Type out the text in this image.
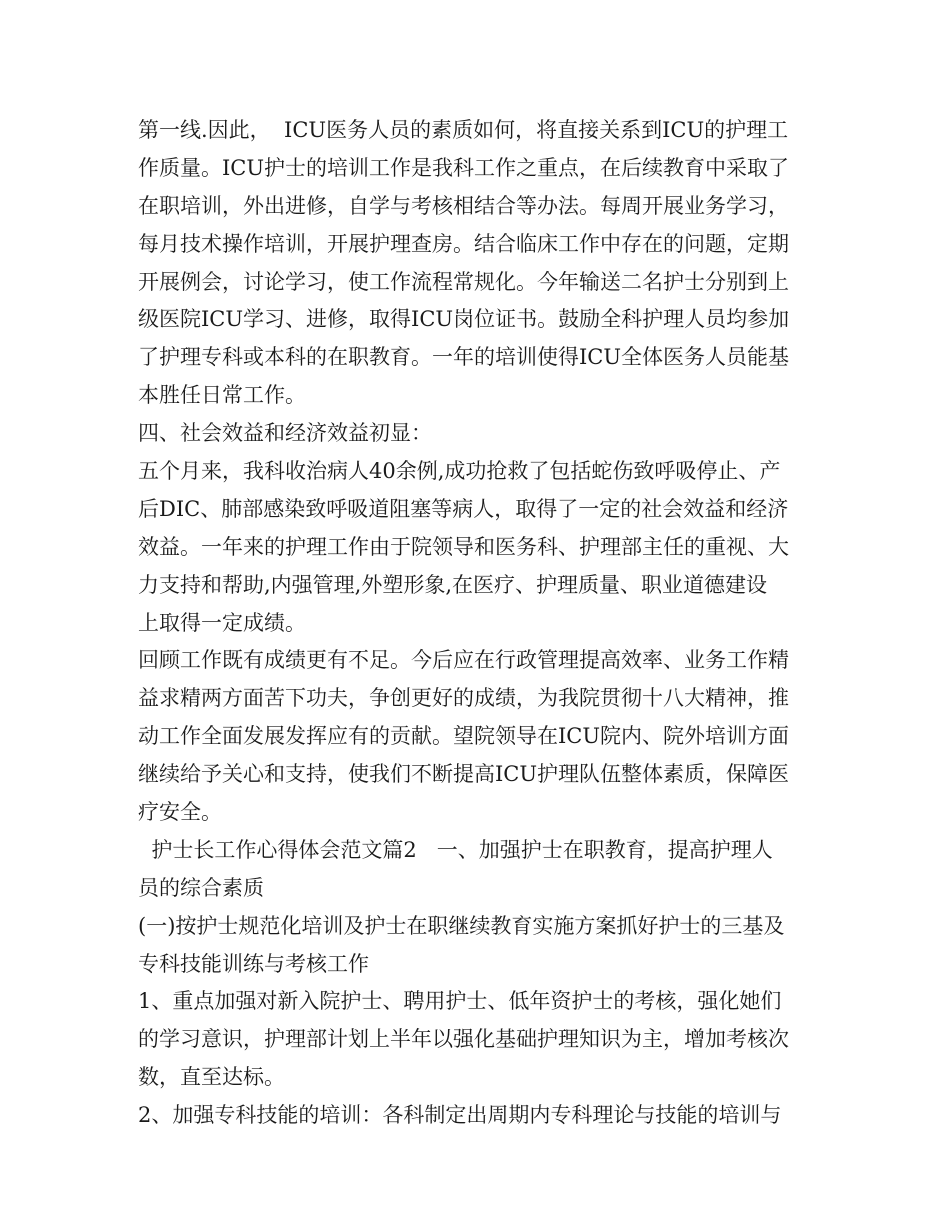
第一线.因此，  ICU医务人员的素质如何，将直接关系到ICU的护理工
作质量。ICU护士的培训工作是我科工作之重点，在后续教育中采取了
在职培训，外出进修，自学与考核相结合等办法。每周开展业务学习，
每月技术操作培训，开展护理查房。结合临床工作中存在的问题，定期
开展例会，讨论学习，使工作流程常规化。今年输送二名护士分别到上
级医院ICU学习、进修，取得ICU岗位证书。鼓励全科护理人员均参加
了护理专科或本科的在职教育。一年的培训使得ICU全体医务人员能基
本胜任日常工作。
四、社会效益和经济效益初显：
五个月来，我科收治病人40余例,成功抢救了包括蛇伤致呼吸停止、产
后DIC、肺部感染致呼吸道阻塞等病人，取得了一定的社会效益和经济
效益。一年来的护理工作由于院领导和医务科、护理部主任的重视、大
力支持和帮助,内强管理,外塑形象,在医疗、护理质量、职业道德建设
上取得一定成绩。
回顾工作既有成绩更有不足。今后应在行政管理提高效率、业务工作精
益求精两方面苦下功夫，争创更好的成绩，为我院贯彻十八大精神，推
动工作全面发展发挥应有的贡献。望院领导在ICU院内、院外培训方面
继续给予关心和支持，使我们不断提高ICU护理队伍整体素质，保障医
疗安全。
护士长工作心得体会范文篇2   一、加强护士在职教育，提高护理人
员的综合素质
(一)按护士规范化培训及护士在职继续教育实施方案抓好护士的三基及
专科技能训练与考核工作
1、重点加强对新入院护士、聘用护士、低年资护士的考核，强化她们
的学习意识，护理部计划上半年以强化基础护理知识为主，增加考核次
数，直至达标。
2、加强专科技能的培训：各科制定出周期内专科理论与技能的培训与
